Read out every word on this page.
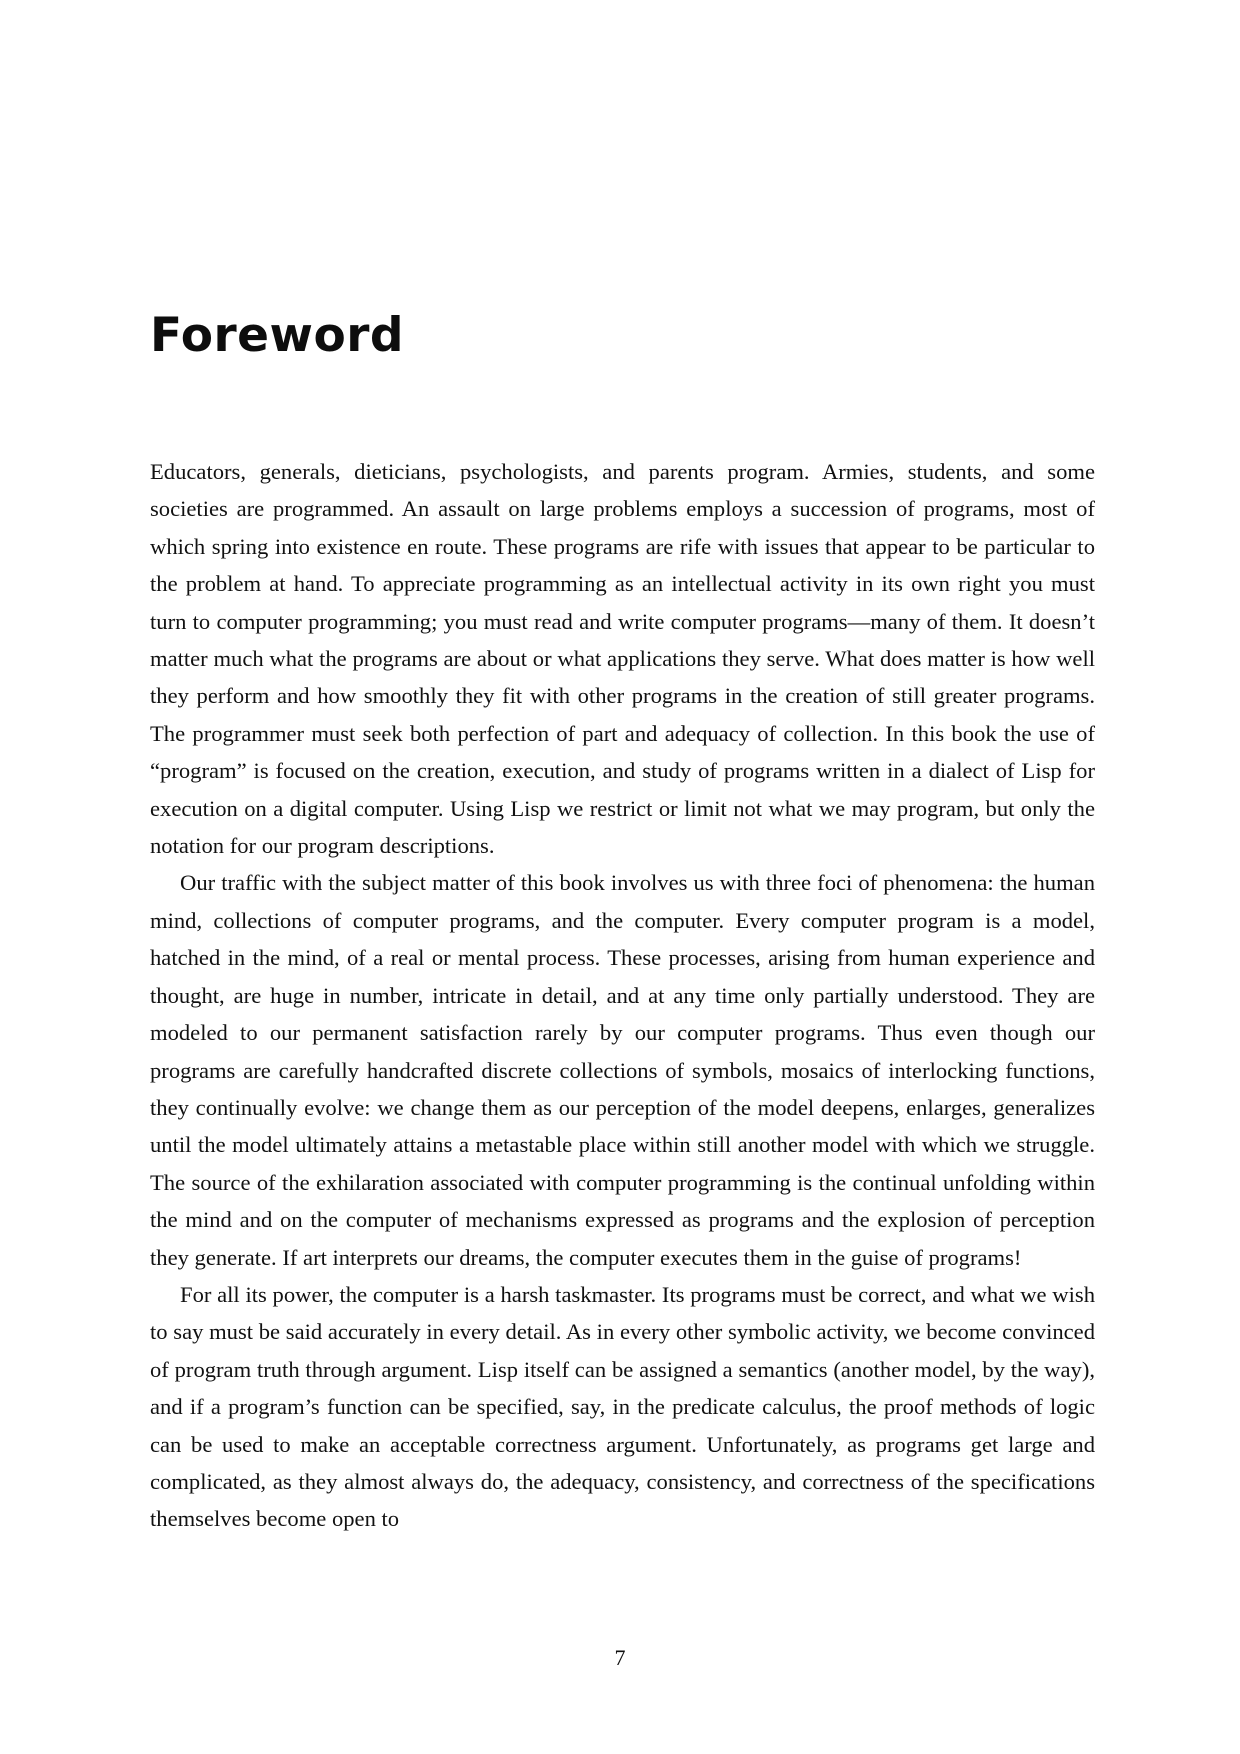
Foreword

Educators, generals, dieticians, psychologists, and parents program. Armies, students, and some societies are programmed. An assault on large problems employs a succession of programs, most of which spring into existence en route. These programs are rife with issues that appear to be particular to the problem at hand. To appreciate programming as an intellectual activity in its own right you must turn to computer programming; you must read and write computer programs—many of them. It doesn’t matter much what the programs are about or what applications they serve. What does matter is how well they perform and how smoothly they fit with other programs in the creation of still greater programs. The programmer must seek both perfection of part and adequacy of collection. In this book the use of “program” is focused on the creation, execution, and study of programs written in a dialect of Lisp for execution on a digital computer. Using Lisp we restrict or limit not what we may program, but only the notation for our program descriptions.

Our traffic with the subject matter of this book involves us with three foci of phenomena: the human mind, collections of computer programs, and the computer. Every computer program is a model, hatched in the mind, of a real or mental process. These processes, arising from human experience and thought, are huge in number, intricate in detail, and at any time only partially understood. They are modeled to our permanent satisfaction rarely by our computer programs. Thus even though our programs are carefully handcrafted discrete collections of symbols, mosaics of interlocking functions, they continually evolve: we change them as our perception of the model deepens, enlarges, generalizes until the model ultimately attains a metastable place within still another model with which we struggle. The source of the exhilaration associated with computer programming is the continual unfolding within the mind and on the computer of mechanisms expressed as programs and the explosion of perception they generate. If art interprets our dreams, the computer executes them in the guise of programs!

For all its power, the computer is a harsh taskmaster. Its programs must be correct, and what we wish to say must be said accurately in every detail. As in every other symbolic activity, we become convinced of program truth through argument. Lisp itself can be assigned a semantics (another model, by the way), and if a program’s function can be specified, say, in the predicate calculus, the proof methods of logic can be used to make an acceptable correctness argument. Unfortunately, as programs get large and complicated, as they almost always do, the adequacy, consistency, and correctness of the specifications themselves become open to

7
